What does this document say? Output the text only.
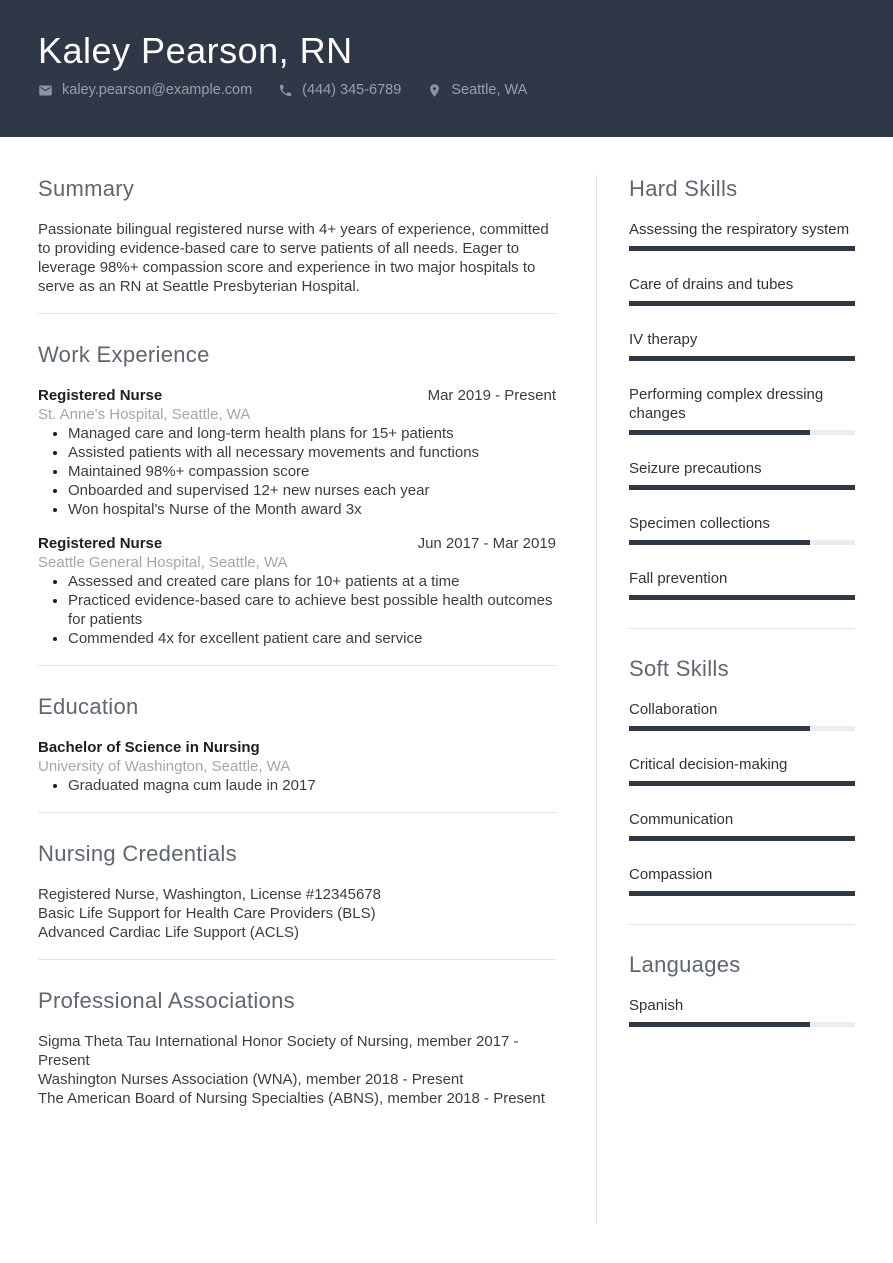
Kaley Pearson, RN
kaley.pearson@example.com	(444) 345-6789	Seattle, WA
Summary
Passionate bilingual registered nurse with 4+ years of experience, committed to providing evidence-based care to serve patients of all needs. Eager to leverage 98%+ compassion score and experience in two major hospitals to serve as an RN at Seattle Presbyterian Hospital.
Work Experience
Registered Nurse	Mar 2019 - Present
St. Anne's Hospital, Seattle, WA
• Managed care and long-term health plans for 15+ patients
• Assisted patients with all necessary movements and functions
• Maintained 98%+ compassion score
• Onboarded and supervised 12+ new nurses each year
• Won hospital's Nurse of the Month award 3x
Registered Nurse	Jun 2017 - Mar 2019
Seattle General Hospital, Seattle, WA
• Assessed and created care plans for 10+ patients at a time
• Practiced evidence-based care to achieve best possible health outcomes for patients
• Commended 4x for excellent patient care and service
Education
Bachelor of Science in Nursing
University of Washington, Seattle, WA
• Graduated magna cum laude in 2017
Nursing Credentials
Registered Nurse, Washington, License #12345678
Basic Life Support for Health Care Providers (BLS)
Advanced Cardiac Life Support (ACLS)
Professional Associations
Sigma Theta Tau International Honor Society of Nursing, member 2017 - Present
Washington Nurses Association (WNA), member 2018 - Present
The American Board of Nursing Specialties (ABNS), member 2018 - Present
Hard Skills
Assessing the respiratory system
Care of drains and tubes
IV therapy
Performing complex dressing changes
Seizure precautions
Specimen collections
Fall prevention
Soft Skills
Collaboration
Critical decision-making
Communication
Compassion
Languages
Spanish
